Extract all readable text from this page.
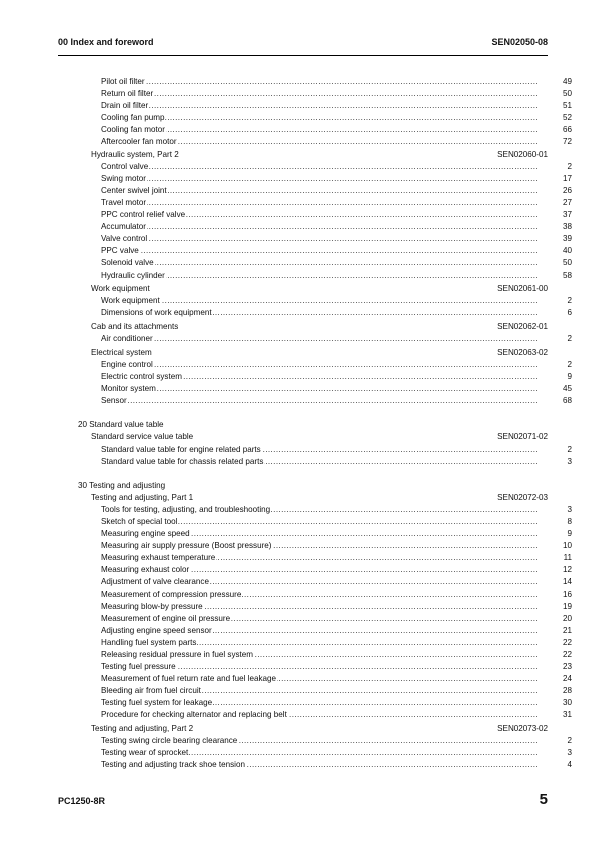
00 Index and foreword	SEN02050-08
Pilot oil filter .....	49
Return oil filter .....	50
Drain oil filter .....	51
Cooling fan pump .....	52
Cooling fan motor .....	66
Aftercooler fan motor .....	72
Hydraulic system, Part 2	SEN02060-01
Control valve .....	2
Swing motor .....	17
Center swivel joint .....	26
Travel motor .....	27
PPC control relief valve .....	37
Accumulator .....	38
Valve control .....	39
PPC valve .....	40
Solenoid valve .....	50
Hydraulic cylinder .....	58
Work equipment	SEN02061-00
Work equipment .....	2
Dimensions of work equipment .....	6
Cab and its attachments	SEN02062-01
Air conditioner .....	2
Electrical system	SEN02063-02
Engine control .....	2
Electric control system .....	9
Monitor system .....	45
Sensor .....	68
20 Standard value table
Standard service value table	SEN02071-02
Standard value table for engine related parts .....	2
Standard value table for chassis related parts .....	3
30 Testing and adjusting
Testing and adjusting, Part 1	SEN02072-03
Tools for testing, adjusting, and troubleshooting .....	3
Sketch of special tool .....	8
Measuring engine speed .....	9
Measuring air supply pressure (Boost pressure) .....	10
Measuring exhaust temperature .....	11
Measuring exhaust color .....	12
Adjustment of valve clearance .....	14
Measurement of compression pressure .....	16
Measuring blow-by pressure .....	19
Measurement of engine oil pressure .....	20
Adjusting engine speed sensor .....	21
Handling fuel system parts .....	22
Releasing residual pressure in fuel system .....	22
Testing fuel pressure .....	23
Measurement of fuel return rate and fuel leakage .....	24
Bleeding air from fuel circuit .....	28
Testing fuel system for leakage .....	30
Procedure for checking alternator and replacing belt .....	31
Testing and adjusting, Part 2	SEN02073-02
Testing swing circle bearing clearance .....	2
Testing wear of sprocket .....	3
Testing and adjusting track shoe tension .....	4
PC1250-8R	5
